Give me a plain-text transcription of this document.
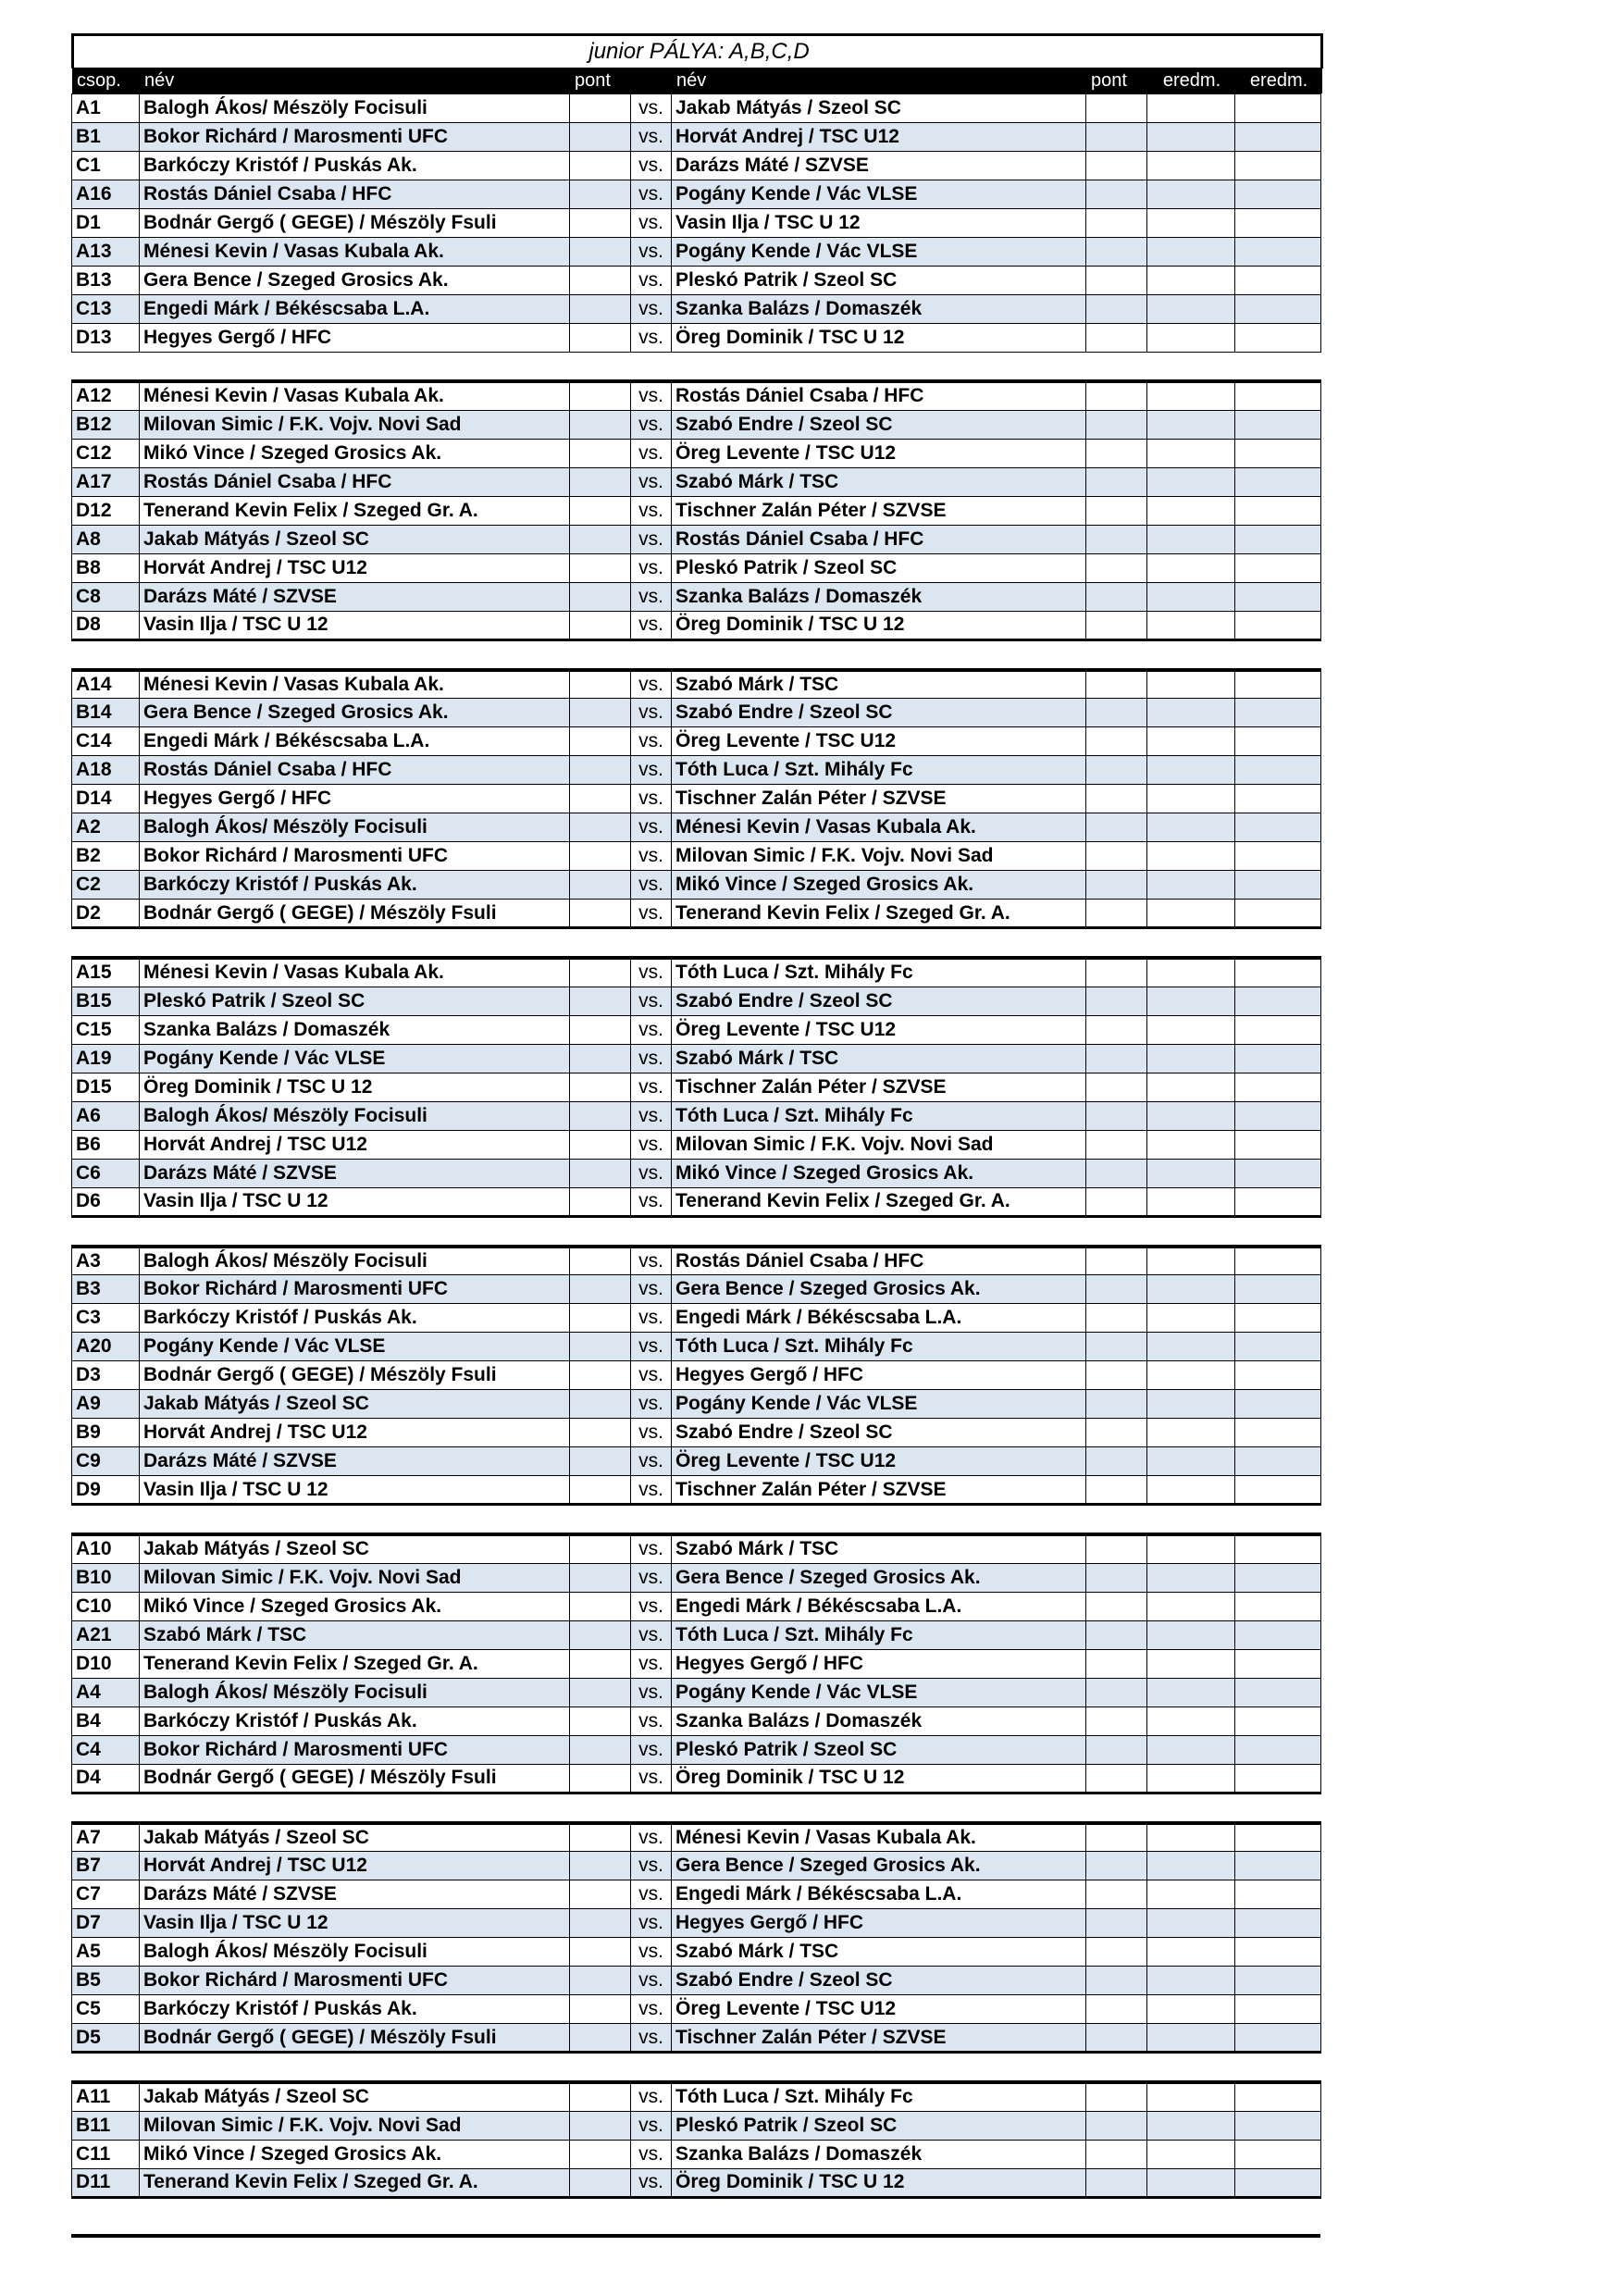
junior PÁLYA: A,B,C,D
csop.	név	pont		név	pont	eredm.	eredm.
A1	Balogh Ákos/ Mészöly Focisuli		vs.	Jakab Mátyás / Szeol SC			
B1	Bokor Richárd / Marosmenti UFC		vs.	Horvát Andrej / TSC U12			
C1	Barkóczy Kristóf / Puskás Ak.		vs.	Darázs Máté / SZVSE			
A16	Rostás Dániel Csaba / HFC		vs.	Pogány Kende / Vác VLSE			
D1	Bodnár Gergő ( GEGE) / Mészöly Fsuli		vs.	Vasin Ilja / TSC U 12			
A13	Ménesi Kevin / Vasas Kubala Ak.		vs.	Pogány Kende / Vác VLSE			
B13	Gera Bence / Szeged Grosics Ak.		vs.	Pleskó Patrik / Szeol SC			
C13	Engedi Márk / Békéscsaba L.A.		vs.	Szanka Balázs / Domaszék			
D13	Hegyes Gergő / HFC		vs.	Öreg Dominik / TSC U 12			
A12	Ménesi Kevin / Vasas Kubala Ak.		vs.	Rostás Dániel Csaba / HFC			
B12	Milovan Simic / F.K. Vojv. Novi Sad		vs.	Szabó Endre / Szeol SC			
C12	Mikó Vince / Szeged Grosics Ak.		vs.	Öreg Levente / TSC U12			
A17	Rostás Dániel Csaba / HFC		vs.	Szabó Márk / TSC			
D12	Tenerand Kevin Felix / Szeged Gr. A.		vs.	Tischner Zalán Péter / SZVSE			
A8	Jakab Mátyás / Szeol SC		vs.	Rostás Dániel Csaba / HFC			
B8	Horvát Andrej / TSC U12		vs.	Pleskó Patrik / Szeol SC			
C8	Darázs Máté / SZVSE		vs.	Szanka Balázs / Domaszék			
D8	Vasin Ilja / TSC U 12		vs.	Öreg Dominik / TSC U 12			
A14	Ménesi Kevin / Vasas Kubala Ak.		vs.	Szabó Márk / TSC			
B14	Gera Bence / Szeged Grosics Ak.		vs.	Szabó Endre / Szeol SC			
C14	Engedi Márk / Békéscsaba L.A.		vs.	Öreg Levente / TSC U12			
A18	Rostás Dániel Csaba / HFC		vs.	Tóth Luca / Szt. Mihály Fc			
D14	Hegyes Gergő / HFC		vs.	Tischner Zalán Péter / SZVSE			
A2	Balogh Ákos/ Mészöly Focisuli		vs.	Ménesi Kevin / Vasas Kubala Ak.			
B2	Bokor Richárd / Marosmenti UFC		vs.	Milovan Simic / F.K. Vojv. Novi Sad			
C2	Barkóczy Kristóf / Puskás Ak.		vs.	Mikó Vince / Szeged Grosics Ak.			
D2	Bodnár Gergő ( GEGE) / Mészöly Fsuli		vs.	Tenerand Kevin Felix / Szeged Gr. A.			
A15	Ménesi Kevin / Vasas Kubala Ak.		vs.	Tóth Luca / Szt. Mihály Fc			
B15	Pleskó Patrik / Szeol SC		vs.	Szabó Endre / Szeol SC			
C15	Szanka Balázs / Domaszék		vs.	Öreg Levente / TSC U12			
A19	Pogány Kende / Vác VLSE		vs.	Szabó Márk / TSC			
D15	Öreg Dominik / TSC U 12		vs.	Tischner Zalán Péter / SZVSE			
A6	Balogh Ákos/ Mészöly Focisuli		vs.	Tóth Luca / Szt. Mihály Fc			
B6	Horvát Andrej / TSC U12		vs.	Milovan Simic / F.K. Vojv. Novi Sad			
C6	Darázs Máté / SZVSE		vs.	Mikó Vince / Szeged Grosics Ak.			
D6	Vasin Ilja / TSC U 12		vs.	Tenerand Kevin Felix / Szeged Gr. A.			
A3	Balogh Ákos/ Mészöly Focisuli		vs.	Rostás Dániel Csaba / HFC			
B3	Bokor Richárd / Marosmenti UFC		vs.	Gera Bence / Szeged Grosics Ak.			
C3	Barkóczy Kristóf / Puskás Ak.		vs.	Engedi Márk / Békéscsaba L.A.			
A20	Pogány Kende / Vác VLSE		vs.	Tóth Luca / Szt. Mihály Fc			
D3	Bodnár Gergő ( GEGE) / Mészöly Fsuli		vs.	Hegyes Gergő / HFC			
A9	Jakab Mátyás / Szeol SC		vs.	Pogány Kende / Vác VLSE			
B9	Horvát Andrej / TSC U12		vs.	Szabó Endre / Szeol SC			
C9	Darázs Máté / SZVSE		vs.	Öreg Levente / TSC U12			
D9	Vasin Ilja / TSC U 12		vs.	Tischner Zalán Péter / SZVSE			
A10	Jakab Mátyás / Szeol SC		vs.	Szabó Márk / TSC			
B10	Milovan Simic / F.K. Vojv. Novi Sad		vs.	Gera Bence / Szeged Grosics Ak.			
C10	Mikó Vince / Szeged Grosics Ak.		vs.	Engedi Márk / Békéscsaba L.A.			
A21	Szabó Márk / TSC		vs.	Tóth Luca / Szt. Mihály Fc			
D10	Tenerand Kevin Felix / Szeged Gr. A.		vs.	Hegyes Gergő / HFC			
A4	Balogh Ákos/ Mészöly Focisuli		vs.	Pogány Kende / Vác VLSE			
B4	Barkóczy Kristóf / Puskás Ak.		vs.	Szanka Balázs / Domaszék			
C4	Bokor Richárd / Marosmenti UFC		vs.	Pleskó Patrik / Szeol SC			
D4	Bodnár Gergő ( GEGE) / Mészöly Fsuli		vs.	Öreg Dominik / TSC U 12			
A7	Jakab Mátyás / Szeol SC		vs.	Ménesi Kevin / Vasas Kubala Ak.			
B7	Horvát Andrej / TSC U12		vs.	Gera Bence / Szeged Grosics Ak.			
C7	Darázs Máté / SZVSE		vs.	Engedi Márk / Békéscsaba L.A.			
D7	Vasin Ilja / TSC U 12		vs.	Hegyes Gergő / HFC			
A5	Balogh Ákos/ Mészöly Focisuli		vs.	Szabó Márk / TSC			
B5	Bokor Richárd / Marosmenti UFC		vs.	Szabó Endre / Szeol SC			
C5	Barkóczy Kristóf / Puskás Ak.		vs.	Öreg Levente / TSC U12			
D5	Bodnár Gergő ( GEGE) / Mészöly Fsuli		vs.	Tischner Zalán Péter / SZVSE			
A11	Jakab Mátyás / Szeol SC		vs.	Tóth Luca / Szt. Mihály Fc			
B11	Milovan Simic / F.K. Vojv. Novi Sad		vs.	Pleskó Patrik / Szeol SC			
C11	Mikó Vince / Szeged Grosics Ak.		vs.	Szanka Balázs / Domaszék			
D11	Tenerand Kevin Felix / Szeged Gr. A.		vs.	Öreg Dominik / TSC U 12			
